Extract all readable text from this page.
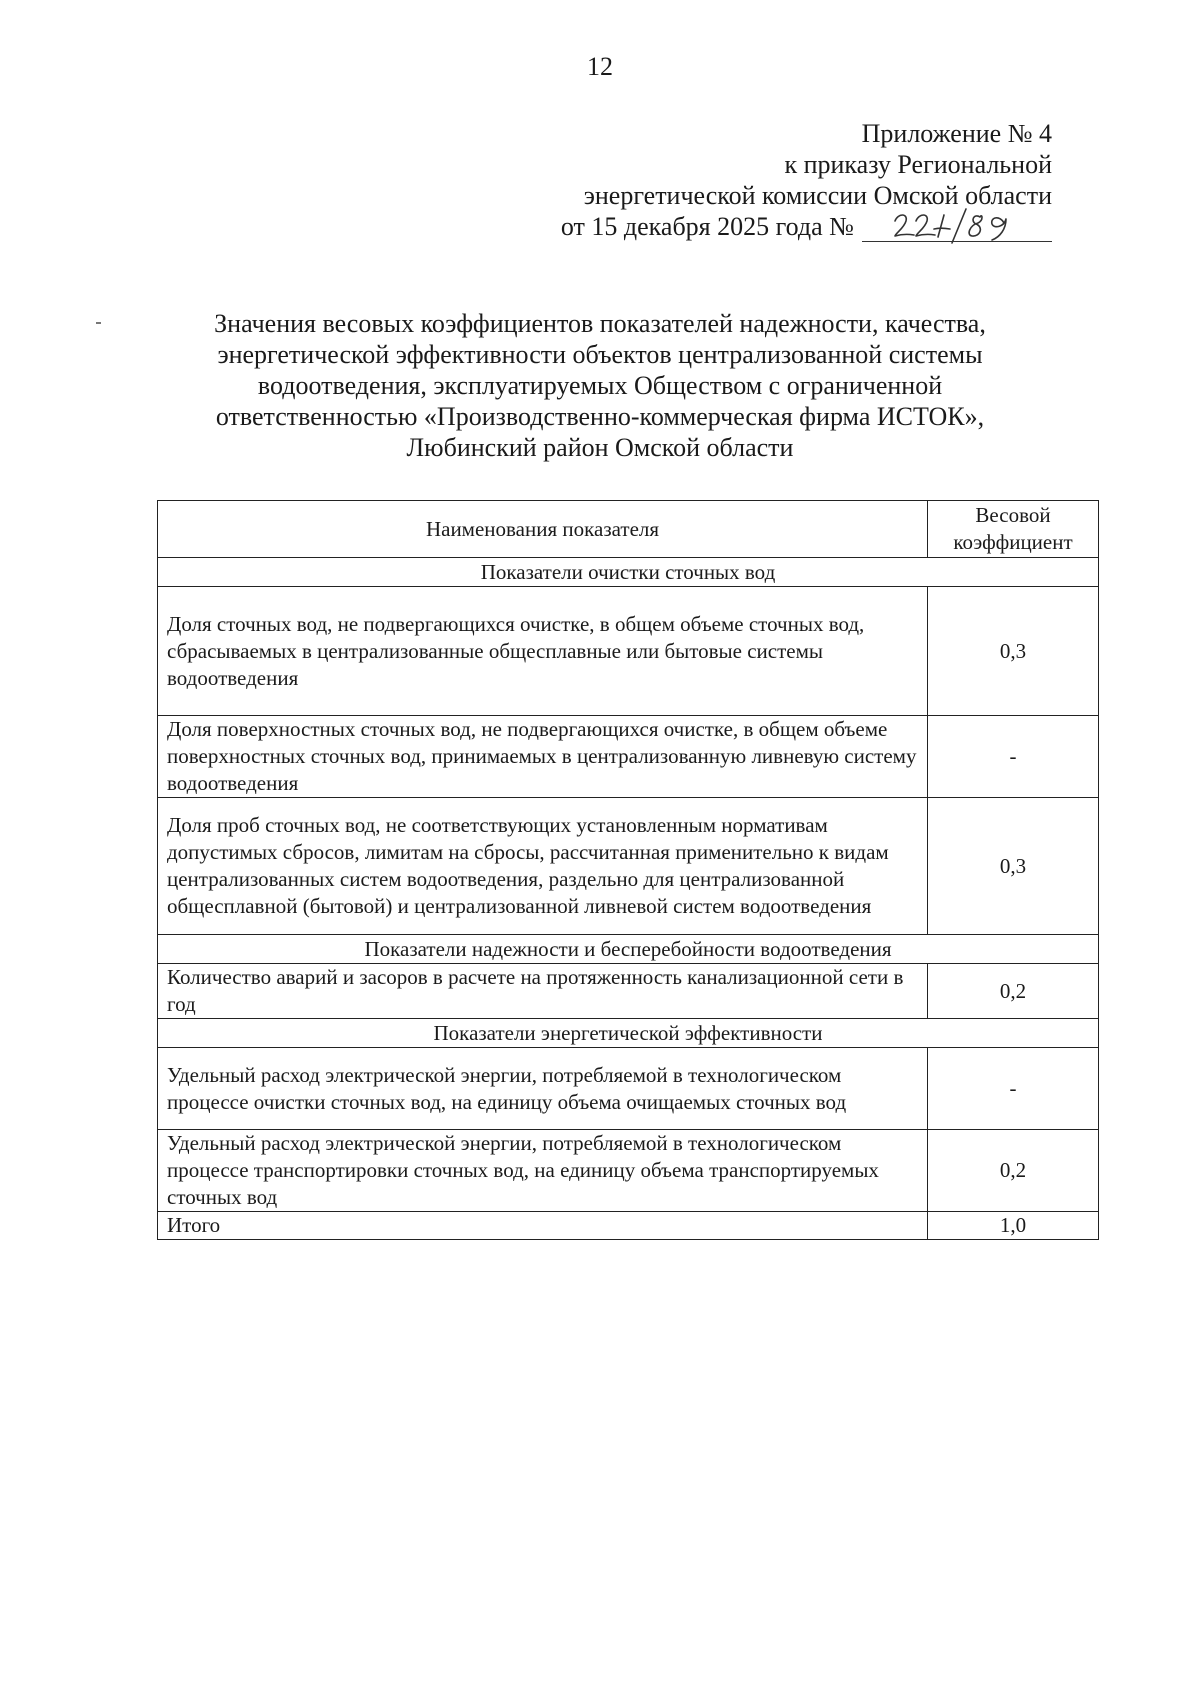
12
Приложение № 4
к приказу Региональной
энергетической комиссии Омской области
от 15 декабря 2025 года №
Значения весовых коэффициентов показателей надежности, качества,
энергетической эффективности объектов централизованной системы
водоотведения, эксплуатируемых Обществом с ограниченной
ответственностью «Производственно-коммерческая фирма ИСТОК»,
Любинский район Омской области
Наименования показателя	Весовой
коэффициент
Показатели очистки сточных вод	
Доля сточных вод, не подвергающихся очистке, в общем объеме сточных вод, сбрасываемых в централизованные общесплавные или бытовые системы водоотведения	0,3
Доля поверхностных сточных вод, не подвергающихся очистке, в общем объеме поверхностных сточных вод, принимаемых в централизованную ливневую систему водоотведения	-
Доля проб сточных вод, не соответствующих установленным нормативам допустимых сбросов, лимитам на сбросы, рассчитанная применительно к видам централизованных систем водоотведения, раздельно для централизованной общесплавной (бытовой) и централизованной ливневой систем водоотведения	0,3
Показатели надежности и бесперебойности водоотведения	
Количество аварий и засоров в расчете на протяженность канализационной сети в год	0,2
Показатели энергетической эффективности	
Удельный расход электрической энергии, потребляемой в технологическом процессе очистки сточных вод, на единицу объема очищаемых сточных вод	-
Удельный расход электрической энергии, потребляемой в технологическом процессе транспортировки сточных вод, на единицу объема транспортируемых сточных вод	0,2
Итого	1,0
